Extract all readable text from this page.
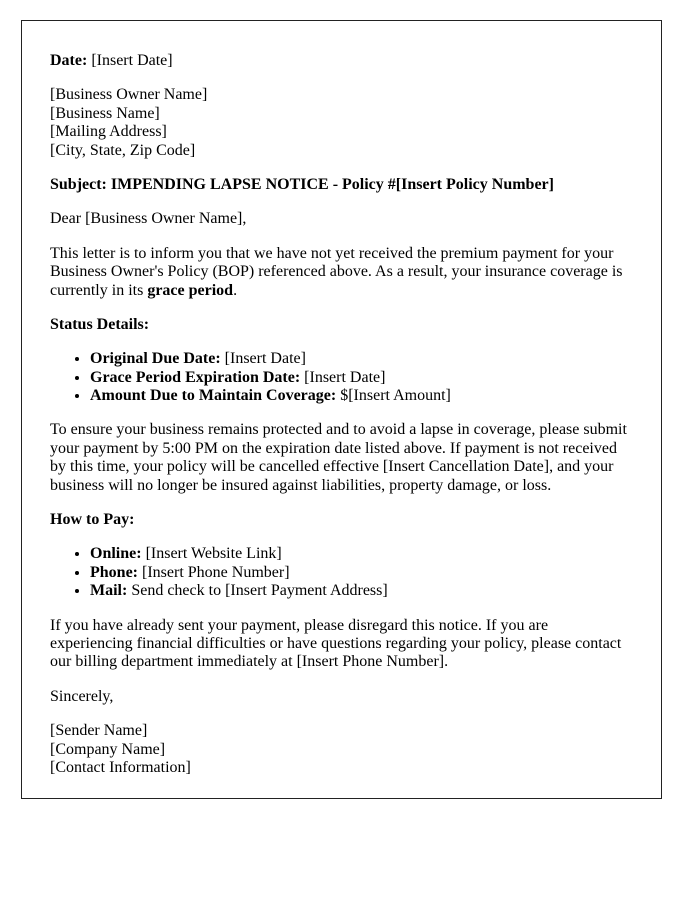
Date: [Insert Date]

[Business Owner Name]
[Business Name]
[Mailing Address]
[City, State, Zip Code]

Subject: IMPENDING LAPSE NOTICE - Policy #[Insert Policy Number]

Dear [Business Owner Name],

This letter is to inform you that we have not yet received the premium payment for your Business Owner's Policy (BOP) referenced above. As a result, your insurance coverage is currently in its grace period.

Status Details:

• Original Due Date: [Insert Date]
• Grace Period Expiration Date: [Insert Date]
• Amount Due to Maintain Coverage: $[Insert Amount]

To ensure your business remains protected and to avoid a lapse in coverage, please submit your payment by 5:00 PM on the expiration date listed above. If payment is not received by this time, your policy will be cancelled effective [Insert Cancellation Date], and your business will no longer be insured against liabilities, property damage, or loss.

How to Pay:

• Online: [Insert Website Link]
• Phone: [Insert Phone Number]
• Mail: Send check to [Insert Payment Address]

If you have already sent your payment, please disregard this notice. If you are experiencing financial difficulties or have questions regarding your policy, please contact our billing department immediately at [Insert Phone Number].

Sincerely,

[Sender Name]
[Company Name]
[Contact Information]
